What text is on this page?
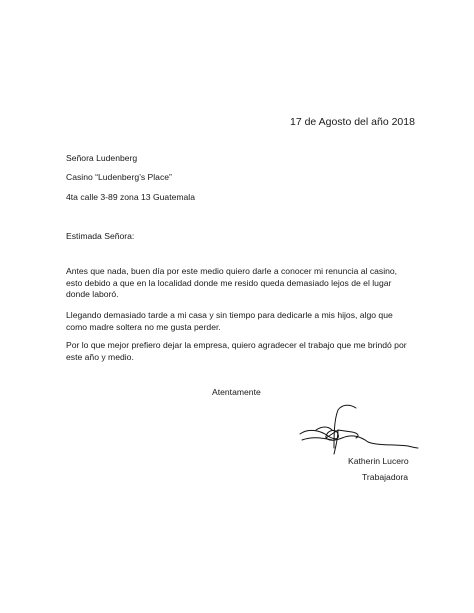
17 de Agosto del año 2018

Señora Ludenberg

Casino “Ludenberg’s Place”

4ta calle 3-89 zona 13 Guatemala

Estimada Señora:

Antes que nada, buen día por este medio quiero darle a conocer mi renuncia al casino,
esto debido a que en la localidad donde me resido queda demasiado lejos de el lugar
donde laboró.
Llegando demasiado tarde a mi casa y sin tiempo para dedicarle a mis hijos, algo que
como madre soltera no me gusta perder.
Por lo que mejor prefiero dejar la empresa, quiero agradecer el trabajo que me brindó por
este año y medio.

Atentamente

Katherin Lucero

Trabajadora
